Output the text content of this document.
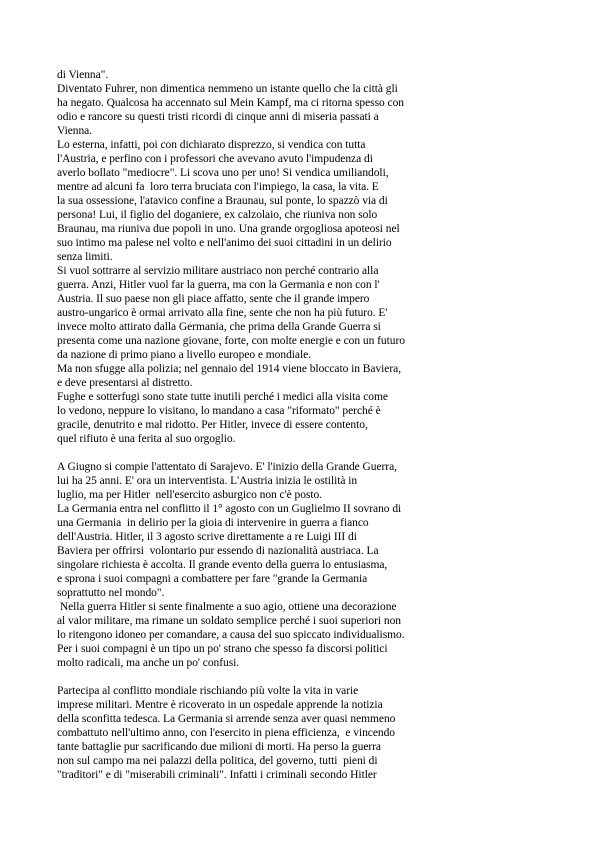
di Vienna".
Diventato Fuhrer, non dimentica nemmeno un istante quello che la città gli
ha negato. Qualcosa ha accennato sul Mein Kampf, ma ci ritorna spesso con
odio e rancore su questi tristi ricordi di cinque anni di miseria passati a
Vienna.
Lo esterna, infatti, poi con dichiarato disprezzo, si vendica con tutta
l'Austria, e perfino con i professori che avevano avuto l'impudenza di
averlo bollato "mediocre". Li scova uno per uno! Si vendica umiliandoli,
mentre ad alcuni fa  loro terra bruciata con l'impiego, la casa, la vita. E
la sua ossessione, l'atavico confine a Braunau, sul ponte, lo spazzò via di
persona! Lui, il figlio del doganiere, ex calzolaio, che riuniva non solo
Braunau, ma riuniva due popoli in uno. Una grande orgogliosa apoteosi nel
suo intimo ma palese nel volto e nell'animo dei suoi cittadini in un delirio
senza limiti.
Si vuol sottrarre al servizio militare austriaco non perché contrario alla
guerra. Anzi, Hitler vuol far la guerra, ma con la Germania e non con l'
Austria. Il suo paese non gli piace affatto, sente che il grande impero
austro-ungarico è ormai arrivato alla fine, sente che non ha più futuro. E'
invece molto attirato dalla Germania, che prima della Grande Guerra si
presenta come una nazione giovane, forte, con molte energie e con un futuro
da nazione di primo piano a livello europeo e mondiale.
Ma non sfugge alla polizia; nel gennaio del 1914 viene bloccato in Baviera,
e deve presentarsi al distretto.
Fughe e sotterfugi sono state tutte inutili perché i medici alla visita come
lo vedono, neppure lo visitano, lo mandano a casa "riformato" perché è
gracile, denutrito e mal ridotto. Per Hitler, invece di essere contento,
quel rifiuto è una ferita al suo orgoglio.
A Giugno si compie l'attentato di Sarajevo. E' l'inizio della Grande Guerra,
lui ha 25 anni. E' ora un interventista. L'Austria inizia le ostilità in
luglio, ma per Hitler  nell'esercito asburgico non c'è posto.
La Germania entra nel conflitto il 1° agosto con un Guglielmo II sovrano di
una Germania  in delirio per la gioia di intervenire in guerra a fianco
dell'Austria. Hitler, il 3 agosto scrive direttamente a re Luigi III di
Baviera per offrirsi  volontario pur essendo di nazionalità austriaca. La
singolare richiesta è accolta. Il grande evento della guerra lo entusiasma,
e sprona i suoi compagni a combattere per fare "grande la Germania
soprattutto nel mondo".
Nella guerra Hitler si sente finalmente a suo agio, ottiene una decorazione
al valor militare, ma rimane un soldato semplice perché i suoi superiori non
lo ritengono idoneo per comandare, a causa del suo spiccato individualismo.
Per i suoi compagni è un tipo un po' strano che spesso fa discorsi politici
molto radicali, ma anche un po' confusi.
Partecipa al conflitto mondiale rischiando più volte la vita in varie
imprese militari. Mentre è ricoverato in un ospedale apprende la notizia
della sconfitta tedesca. La Germania si arrende senza aver quasi nemmeno
combattuto nell'ultimo anno, con l'esercito in piena efficienza,  e vincendo
tante battaglie pur sacrificando due milioni di morti. Ha perso la guerra
non sul campo ma nei palazzi della politica, del governo, tutti  pieni di
"traditori" e di "miserabili criminali". Infatti i criminali secondo Hitler
